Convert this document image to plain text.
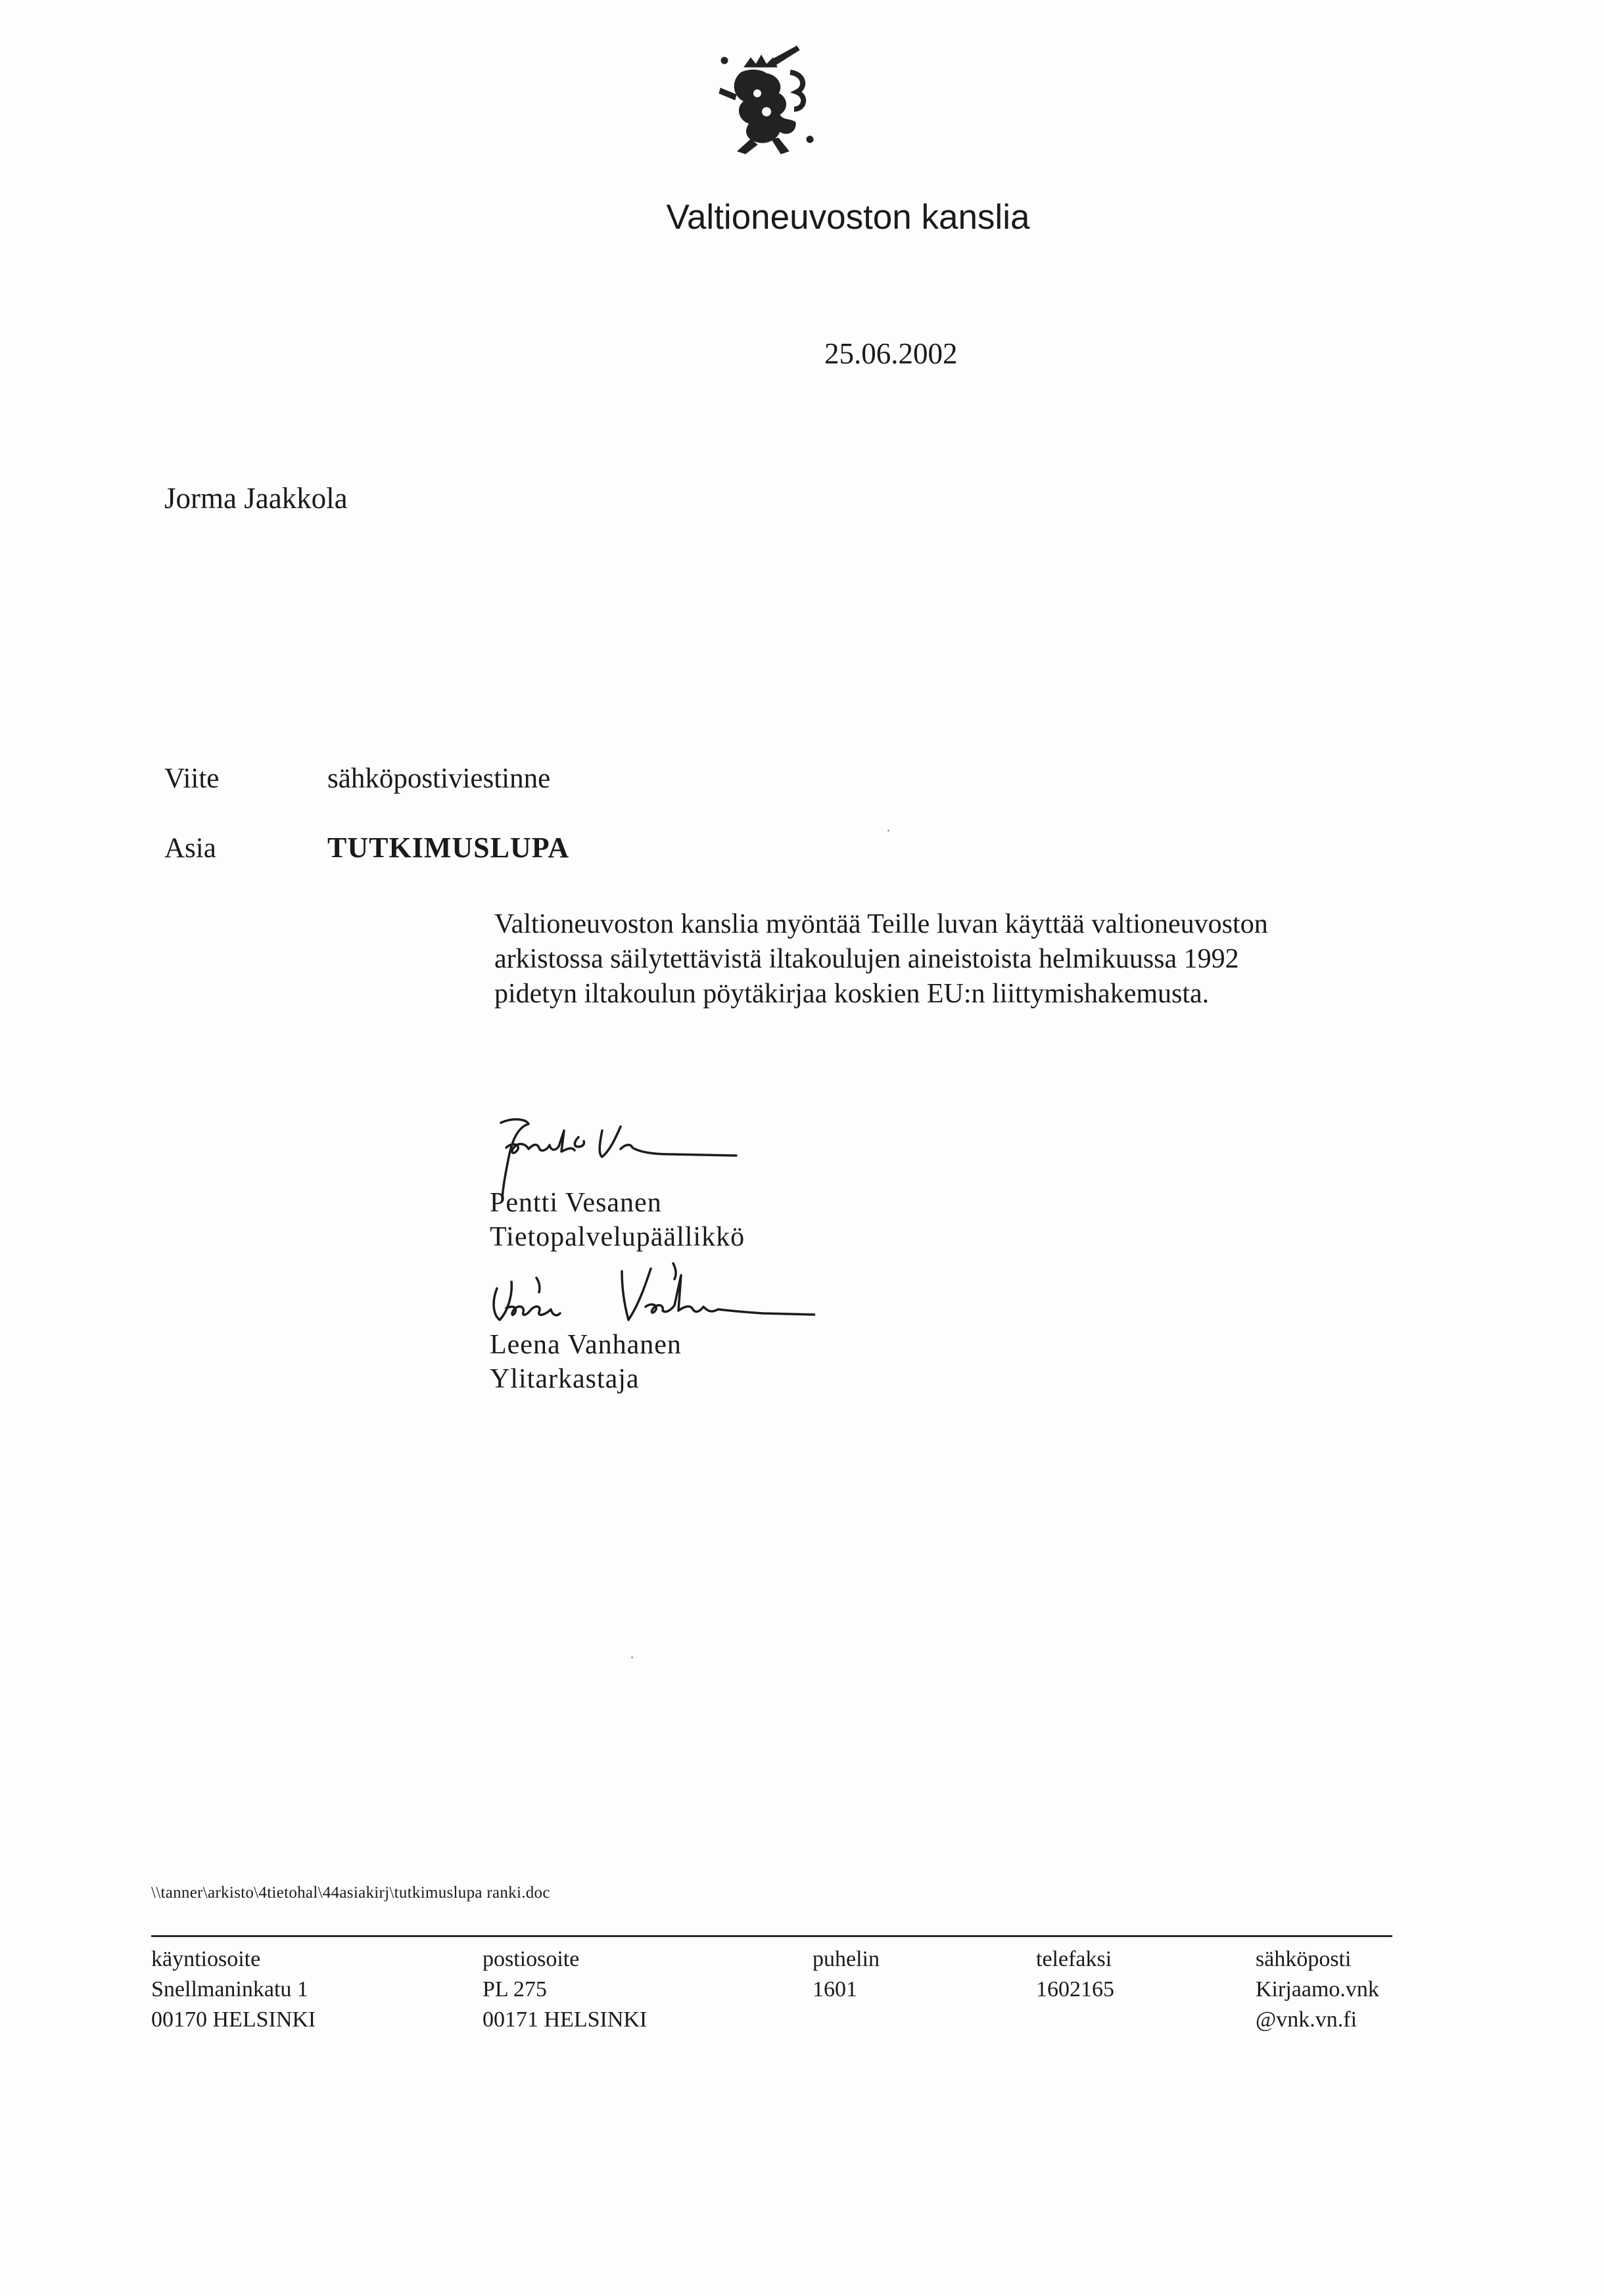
Valtioneuvoston kanslia
25.06.2002
Jorma Jaakkola
Viite	sähköpostiviestinne
Asia	TUTKIMUSLUPA
Valtioneuvoston kanslia myöntää Teille luvan käyttää valtioneuvoston
arkistossa säilytettävistä iltakoulujen aineistoista helmikuussa 1992
pidetyn iltakoulun pöytäkirjaa koskien EU:n liittymishakemusta.
Pentti Vesanen
Tietopalvelupäällikkö
Leena Vanhanen
Ylitarkastaja
\\tanner\arkisto\4tietohal\44asiakirj\tutkimuslupa ranki.doc
käyntiosoite
Snellmaninkatu 1
00170 HELSINKI
postiosoite
PL 275
00171 HELSINKI
puhelin
1601
telefaksi
1602165
sähköposti
Kirjaamo.vnk
@vnk.vn.fi
